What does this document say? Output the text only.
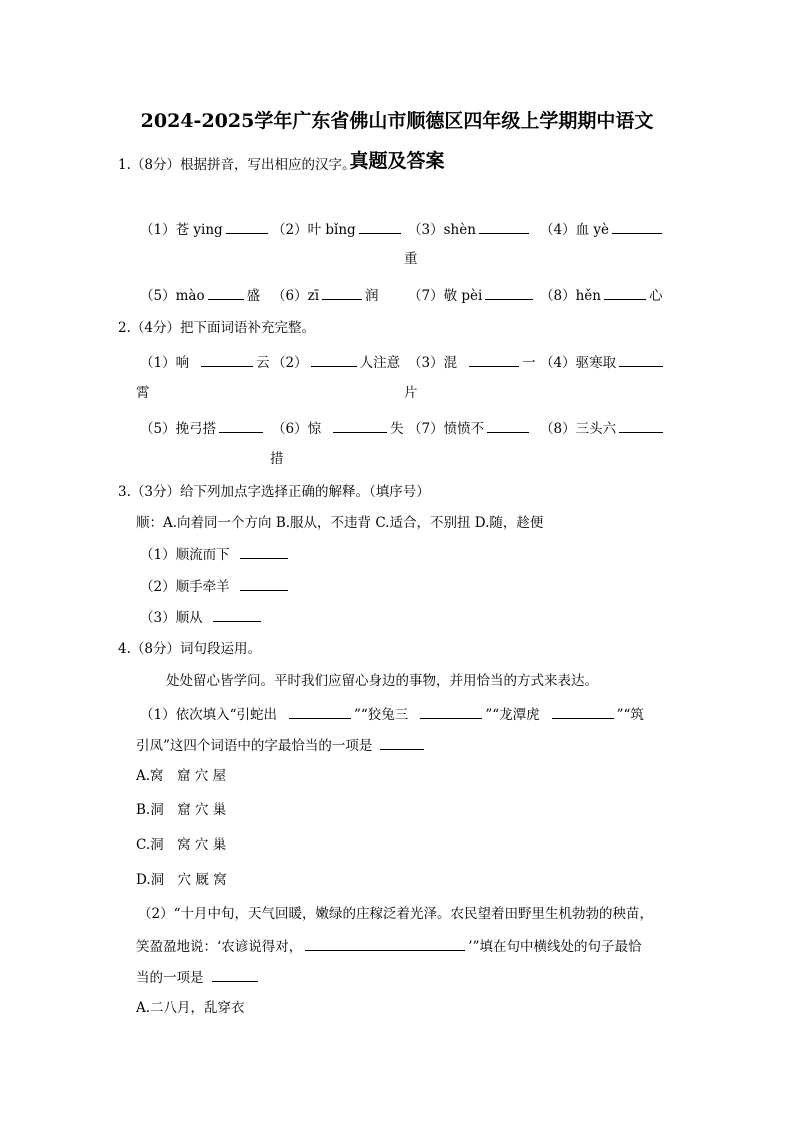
2024-2025学年广东省佛山市顺德区四年级上学期期中语文
真题及答案
1.（8分）根据拼音，写出相应的汉字。
（1）苍 ying	（2）叶 bǐng	（3）shèn	（4）血 yè
重
（5）mào	盛 （6）zī	润 （7）敬 pèi	（8）hěn	心
2.（4分）把下面词语补充完整。
（1）响	云 （2）	人注意 （3）混	一 （4）驱寒取
霄	片
（5）挽弓搭	（6）惊	失 （7）愤愤不	（8）三头六
措
3.（3分）给下列加点字选择正确的解释。（填序号）
顺：A.向着同一个方向 B.服从，不违背 C.适合，不别扭 D.随，趁便
（1）顺流而下
（2）顺手牵羊
（3）顺从
4.（8分）词句段运用。
处处留心皆学问。平时我们应留心身边的事物，并用恰当的方式来表达。
（1）依次填入“引蛇出	”“狡兔三	”“龙潭虎	”“筑
引凤”这四个词语中的字最恰当的一项是
A.窝　窟 穴 屋
B.洞　窟 穴 巢
C.洞　窝 穴 巢
D.洞　穴 厩 窝
（2）“十月中旬，天气回暖，嫩绿的庄稼泛着光泽。农民望着田野里生机勃勃的秧苗，
笑盈盈地说：‘农谚说得对，	’”填在句中横线处的句子最恰
当的一项是
A.二八月，乱穿衣
